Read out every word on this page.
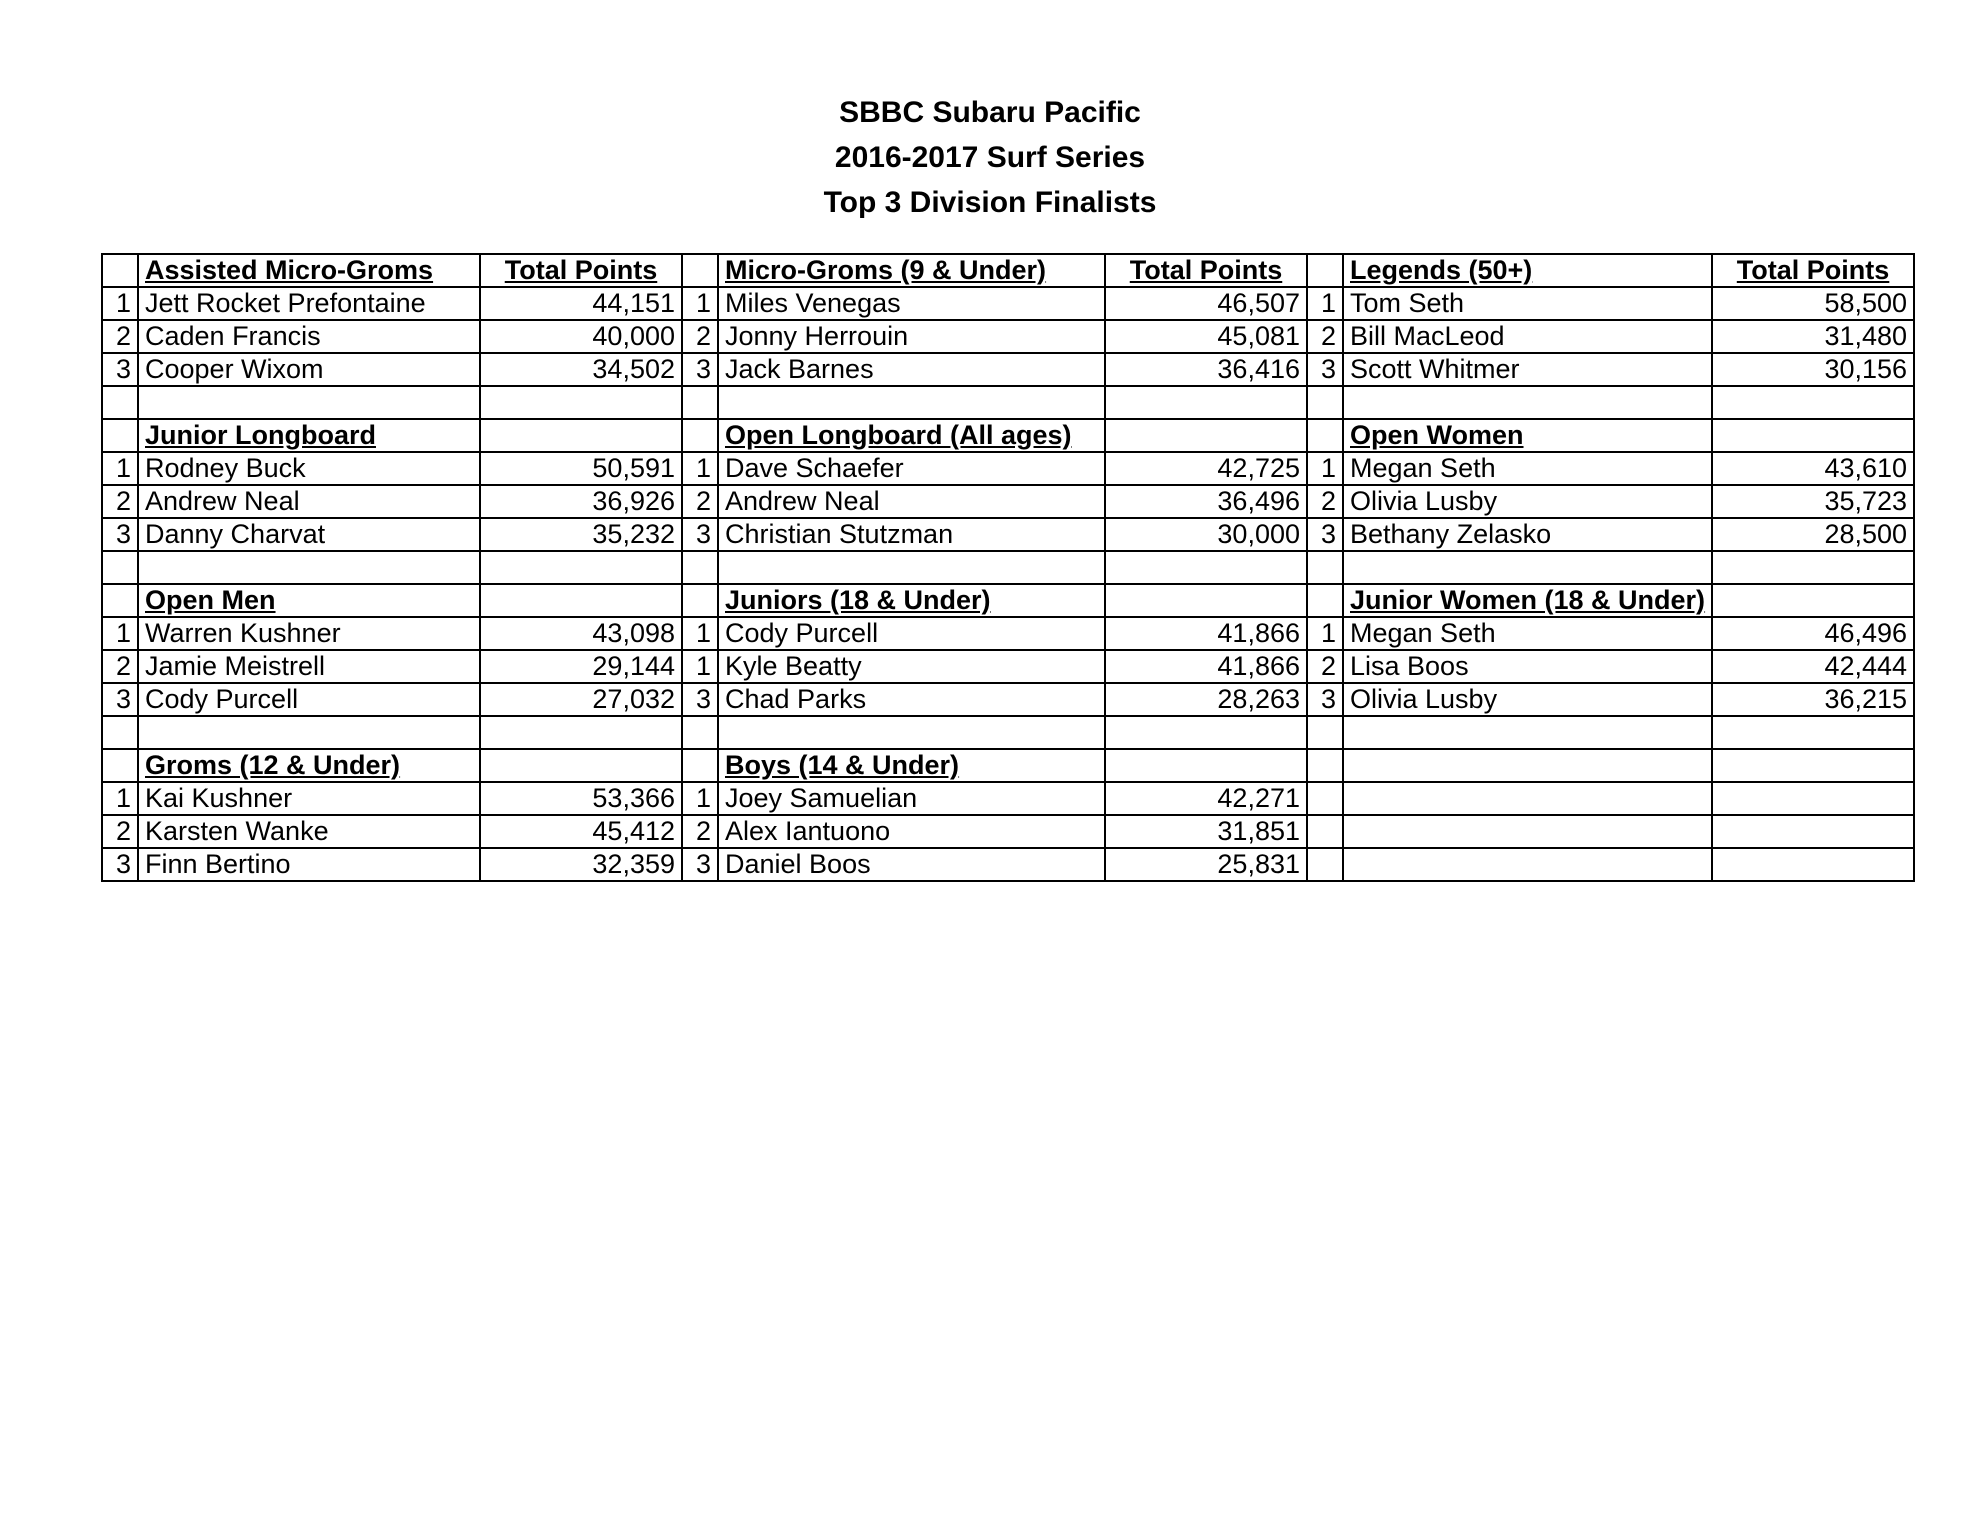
SBBC Subaru Pacific
2016-2017 Surf Series
Top 3 Division Finalists
	Assisted Micro-Groms	Total Points		Micro-Groms (9 & Under)	Total Points		Legends (50+)	Total Points
1	Jett Rocket Prefontaine	44,151	1	Miles Venegas	46,507	1	Tom Seth	58,500
2	Caden Francis	40,000	2	Jonny Herrouin	45,081	2	Bill MacLeod	31,480
3	Cooper Wixom	34,502	3	Jack Barnes	36,416	3	Scott Whitmer	30,156

	Junior Longboard			Open Longboard (All ages)			Open Women	
1	Rodney Buck	50,591	1	Dave Schaefer	42,725	1	Megan Seth	43,610
2	Andrew Neal	36,926	2	Andrew Neal	36,496	2	Olivia Lusby	35,723
3	Danny Charvat	35,232	3	Christian Stutzman	30,000	3	Bethany Zelasko	28,500

	Open Men			Juniors (18 & Under)			Junior Women (18 & Under)	
1	Warren Kushner	43,098	1	Cody Purcell	41,866	1	Megan Seth	46,496
2	Jamie Meistrell	29,144	1	Kyle Beatty	41,866	2	Lisa Boos	42,444
3	Cody Purcell	27,032	3	Chad Parks	28,263	3	Olivia Lusby	36,215

	Groms (12 & Under)			Boys (14 & Under)				
1	Kai Kushner	53,366	1	Joey Samuelian	42,271			
2	Karsten Wanke	45,412	2	Alex Iantuono	31,851			
3	Finn Bertino	32,359	3	Daniel Boos	25,831			
